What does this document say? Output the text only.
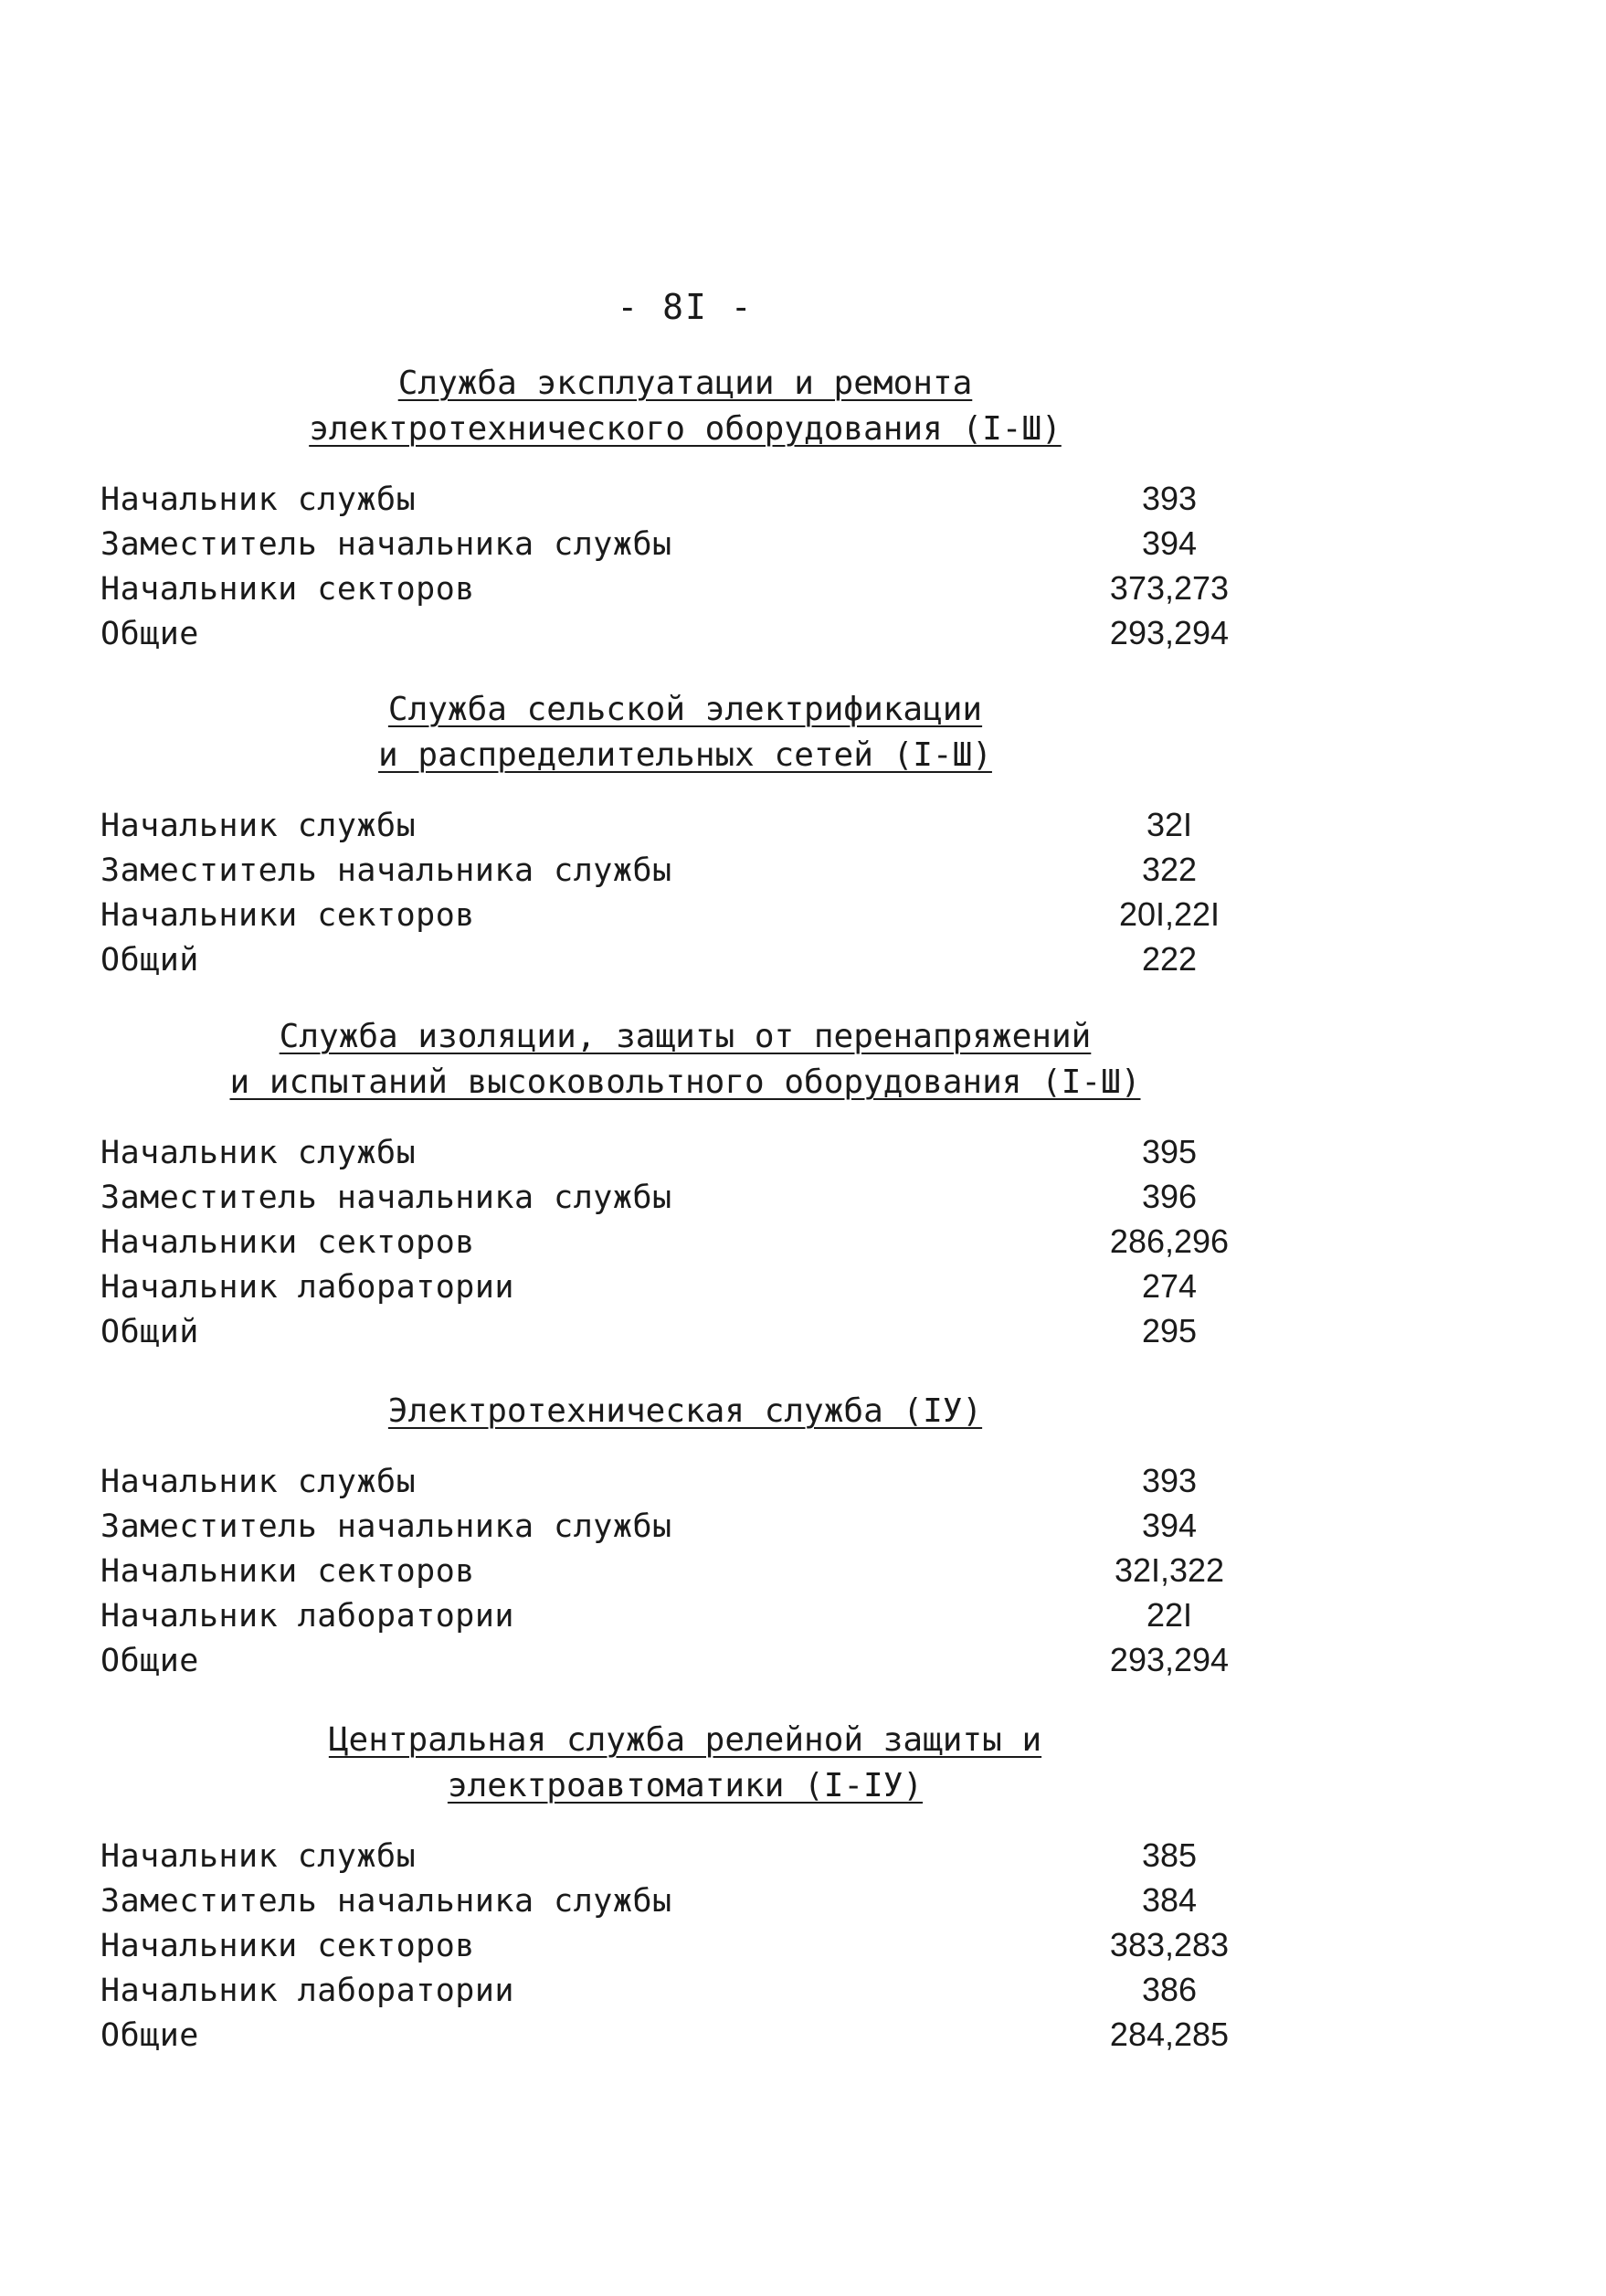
- 8I -
Служба эксплуатации и ремонта
электротехнического оборудования (I-Ш)
Начальник службы	393
Заместитель начальника службы	394
Начальники секторов	373,273
Общие	293,294
Служба сельской электрификации
и распределительных сетей (I-Ш)
Начальник службы	32I
Заместитель начальника службы	322
Начальники секторов	20I,22I
Общий	222
Служба изоляции, защиты от перенапряжений
и испытаний высоковольтного оборудования (I-Ш)
Начальник службы	395
Заместитель начальника службы	396
Начальники секторов	286,296
Начальник лаборатории	274
Общий	295
Электротехническая служба (IУ)
Начальник службы	393
Заместитель начальника службы	394
Начальники секторов	32I,322
Начальник лаборатории	22I
Общие	293,294
Центральная служба релейной защиты и
электроавтоматики (I-IУ)
Начальник службы	385
Заместитель начальника службы	384
Начальники секторов	383,283
Начальник лаборатории	386
Общие	284,285
